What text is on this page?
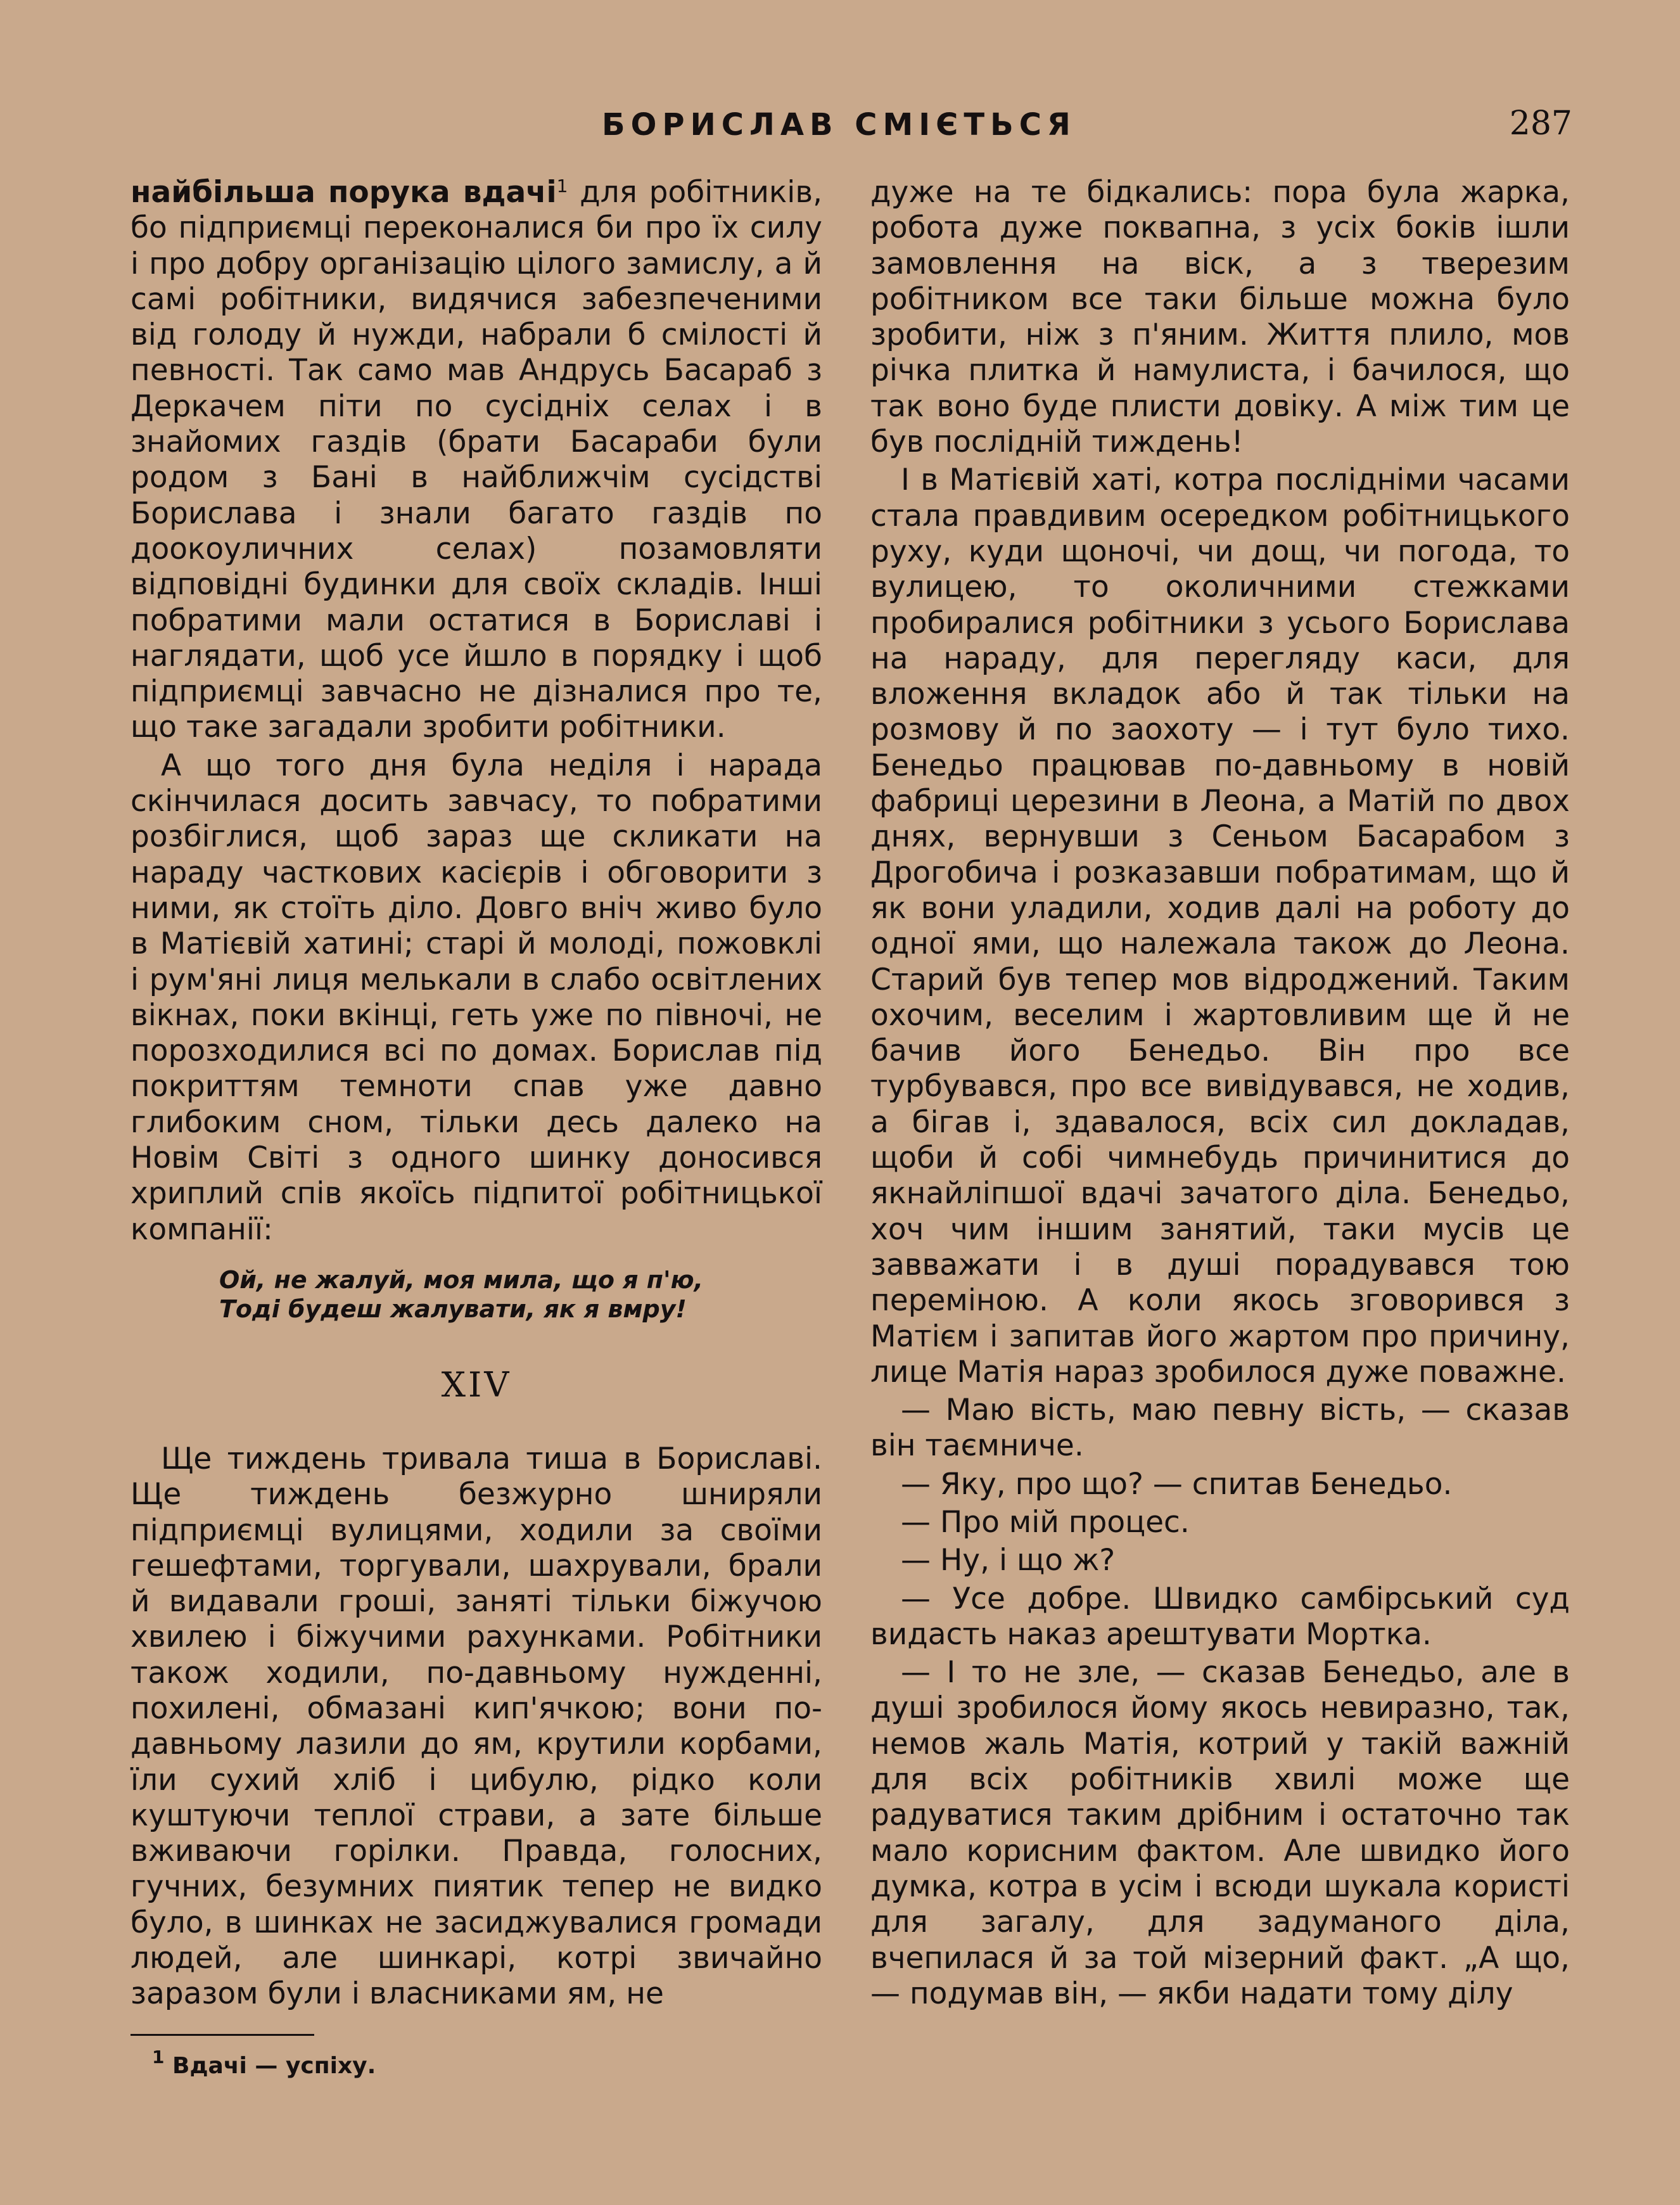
БОРИСЛАВ СМІЄТЬСЯ	287

найбільша порука вдачі$^1$ для робітників, бо підприємці переконалися би про їх силу і про добру організацію цілого замислу, а й самі робітники, видячися забезпеченими від голоду й нужди, набрали б смілості й певності. Так само мав Андрусь Басараб з Деркачем піти по сусідніх селах і в знайомих газдів (брати Басараби були родом з Бані в найближчім сусідстві Борислава і знали багато газдів по доокоуличних селах) позамовляти відповідні будинки для своїх складів. Інші побратими мали остатися в Бориславі і наглядати, щоб усе йшло в порядку і щоб підприємці завчасно не дізналися про те, що таке загадали зробити робітники.

А що того дня була неділя і нарада скінчилася досить завчасу, то побратими розбіглися, щоб зараз ще скликати на нараду часткових касієрів і обговорити з ними, як стоїть діло. Довго вніч живо було в Матієвій хатині; старі й молоді, пожовклі і рум'яні лиця мелькали в слабо освітлених вікнах, поки вкінці, геть уже по півночі, не порозходилися всі по домах. Борислав під покриттям темноти спав уже давно глибоким сном, тільки десь далеко на Новім Світі з одного шинку доносився хриплий спів якоїсь підпитої робітницької компанії:

Ой, не жалуй, моя мила, що я п'ю,
Тоді будеш жалувати, як я вмру!
XIV

Ще тиждень тривала тиша в Бориславі. Ще тиждень безжурно шниряли підприємці вулицями, ходили за своїми гешефтами, торгували, шахрували, брали й видавали гроші, заняті тільки біжучою хвилею і біжучими рахунками. Робітники також ходили, по-давньому нужденні, похилені, обмазані кип'ячкою; вони по-давньому лазили до ям, крутили корбами, їли сухий хліб і цибулю, рідко коли куштуючи теплої страви, а зате більше вживаючи горілки. Правда, голосних, гучних, безумних пиятик тепер не видко було, в шинках не засиджувалися громади людей, але шинкарі, котрі звичайно заразом були і власниками ям, не

дуже на те бідкались: пора була жарка, робота дуже поквапна, з усіх боків ішли замовлення на віск, а з тверезим робітником все таки більше можна було зробити, ніж з п'яним. Життя плило, мов річка плитка й намулиста, і бачилося, що так воно буде плисти довіку. А між тим це був послідній тиждень!

І в Матієвій хаті, котра послідніми часами стала правдивим осередком робітницького руху, куди щоночі, чи дощ, чи погода, то вулицею, то околичними стежками пробиралися робітники з усього Борислава на нараду, для перегляду каси, для вложення вкладок або й так тільки на розмову й по заохоту — і тут було тихо. Бенедьо працював по-давньому в новій фабриці церезини в Леона, а Матій по двох днях, вернувши з Сеньом Басарабом з Дрогобича і розказавши побратимам, що й як вони уладили, ходив далі на роботу до одної ями, що належала також до Леона. Старий був тепер мов відроджений. Таким охочим, веселим і жартовливим ще й не бачив його Бенедьо. Він про все турбувався, про все вивідувався, не ходив, а бігав і, здавалося, всіх сил докладав, щоби й собі чимнебудь причинитися до якнайліпшої вдачі зачатого діла. Бенедьо, хоч чим іншим занятий, таки мусів це завважати і в душі порадувався тою переміною. А коли якось зговорився з Матієм і запитав його жартом про причину, лице Матія нараз зробилося дуже поважне.

— Маю вість, маю певну вість, — сказав він таємниче.

— Яку, про що? — спитав Бенедьо.

— Про мій процес.

— Ну, і що ж?

— Усе добре. Швидко самбірський суд видасть наказ арештувати Мортка.

— І то не зле, — сказав Бенедьо, але в душі зробилося йому якось невиразно, так, немов жаль Матія, котрий у такій важній для всіх робітників хвилі може ще радуватися таким дрібним і остаточно так мало корисним фактом. Але швидко його думка, котра в усім і всюди шукала користі для загалу, для задуманого діла, вчепилася й за той мізерний факт. „А що, — подумав він, — якби надати тому ділу

$^1$ Вдачі — успіху.
